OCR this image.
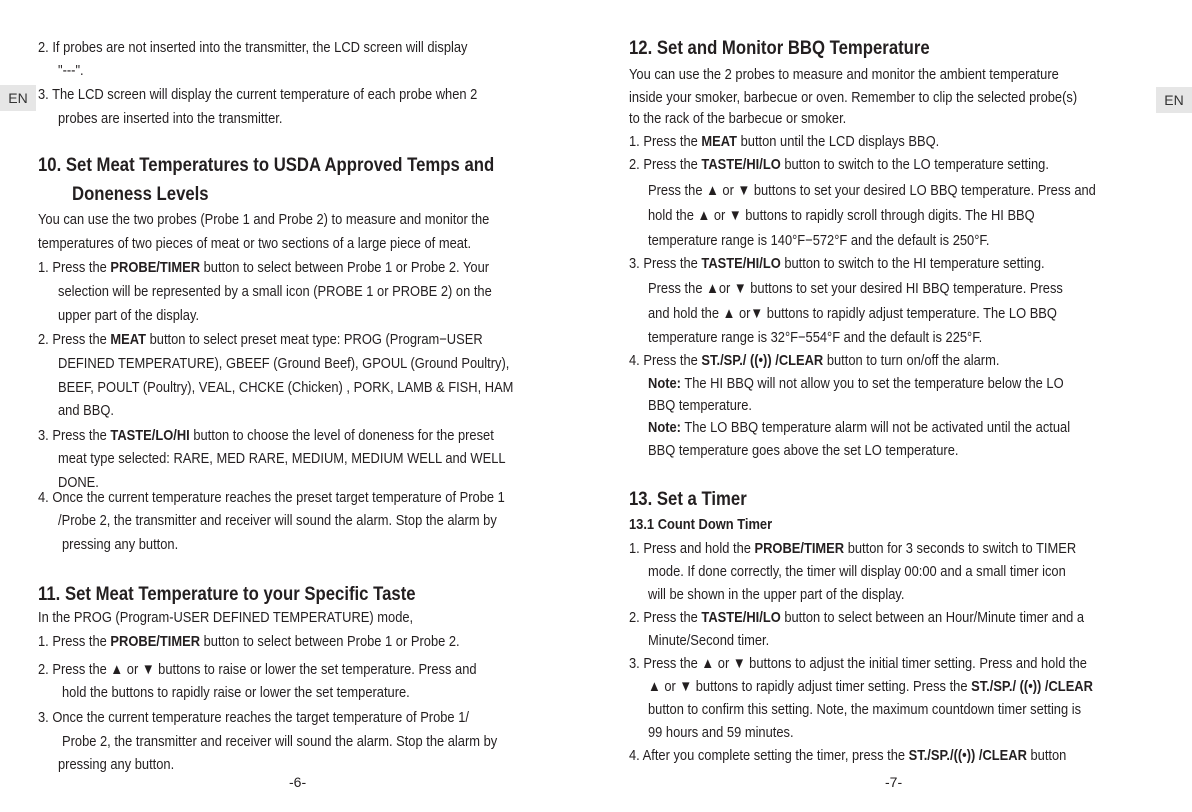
EN
-6-
2. If probes are not inserted into the transmitter, the LCD screen will display
"---".
3. The LCD screen will display the current temperature of each probe when 2
probes are inserted into the transmitter.
10. Set Meat Temperatures to USDA Approved Temps and
Doneness Levels
You can use the two probes (Probe 1 and Probe 2) to measure and monitor the
temperatures of two pieces of meat or two sections of a large piece of meat.
1. Press the PROBE/TIMER button to select between Probe 1 or Probe 2. Your
selection will be represented by a small icon (PROBE 1 or PROBE 2) on the
upper part of the display.
2. Press the MEAT button to select preset meat type: PROG (Program−USER
DEFINED TEMPERATURE), GBEEF (Ground Beef), GPOUL (Ground Poultry),
BEEF, POULT (Poultry), VEAL, CHCKE (Chicken) , PORK, LAMB & FISH, HAM
and BBQ.
3. Press the TASTE/LO/HI button to choose the level of doneness for the preset
meat type selected: RARE, MED RARE, MEDIUM, MEDIUM WELL and WELL
DONE.
4. Once the current temperature reaches the preset target temperature of Probe 1
/Probe 2, the transmitter and receiver will sound the alarm. Stop the alarm by
pressing any button.
11. Set Meat Temperature to your Specific Taste
In the PROG (Program-USER DEFINED TEMPERATURE) mode,
1. Press the PROBE/TIMER button to select between Probe 1 or Probe 2.
2. Press the ▲ or ▼ buttons to raise or lower the set temperature. Press and
hold the buttons to rapidly raise or lower the set temperature.
3. Once the current temperature reaches the target temperature of Probe 1/
Probe 2, the transmitter and receiver will sound the alarm. Stop the alarm by
pressing any button.
EN
-7-
12. Set and Monitor BBQ Temperature
You can use the 2 probes to measure and monitor the ambient temperature
inside your smoker, barbecue or oven. Remember to clip the selected probe(s)
to the rack of the barbecue or smoker.
1. Press the MEAT button until the LCD displays BBQ.
2. Press the TASTE/HI/LO button to switch to the LO temperature setting.
Press the ▲ or ▼ buttons to set your desired LO BBQ temperature. Press and
hold the ▲ or ▼ buttons to rapidly scroll through digits. The HI BBQ
temperature range is 140°F−572°F and the default is 250°F.
3. Press the TASTE/HI/LO button to switch to the HI temperature setting.
Press the ▲or ▼ buttons to set your desired HI BBQ temperature. Press
and hold the ▲ or▼ buttons to rapidly adjust temperature. The LO BBQ
temperature range is 32°F−554°F and the default is 225°F.
4. Press the ST./SP./ ((•)) /CLEAR button to turn on/off the alarm.
Note: The HI BBQ will not allow you to set the temperature below the LO
BBQ temperature.
Note: The LO BBQ temperature alarm will not be activated until the actual
BBQ temperature goes above the set LO temperature.
13. Set a Timer
13.1 Count Down Timer
1. Press and hold the PROBE/TIMER button for 3 seconds to switch to TIMER
mode. If done correctly, the timer will display 00:00 and a small timer icon
will be shown in the upper part of the display.
2. Press the TASTE/HI/LO button to select between an Hour/Minute timer and a
Minute/Second timer.
3. Press the ▲ or ▼ buttons to adjust the initial timer setting. Press and hold the
▲ or ▼ buttons to rapidly adjust timer setting. Press the ST./SP./ ((•)) /CLEAR
button to confirm this setting. Note, the maximum countdown timer setting is
99 hours and 59 minutes.
4. After you complete setting the timer, press the ST./SP./((•)) /CLEAR button
